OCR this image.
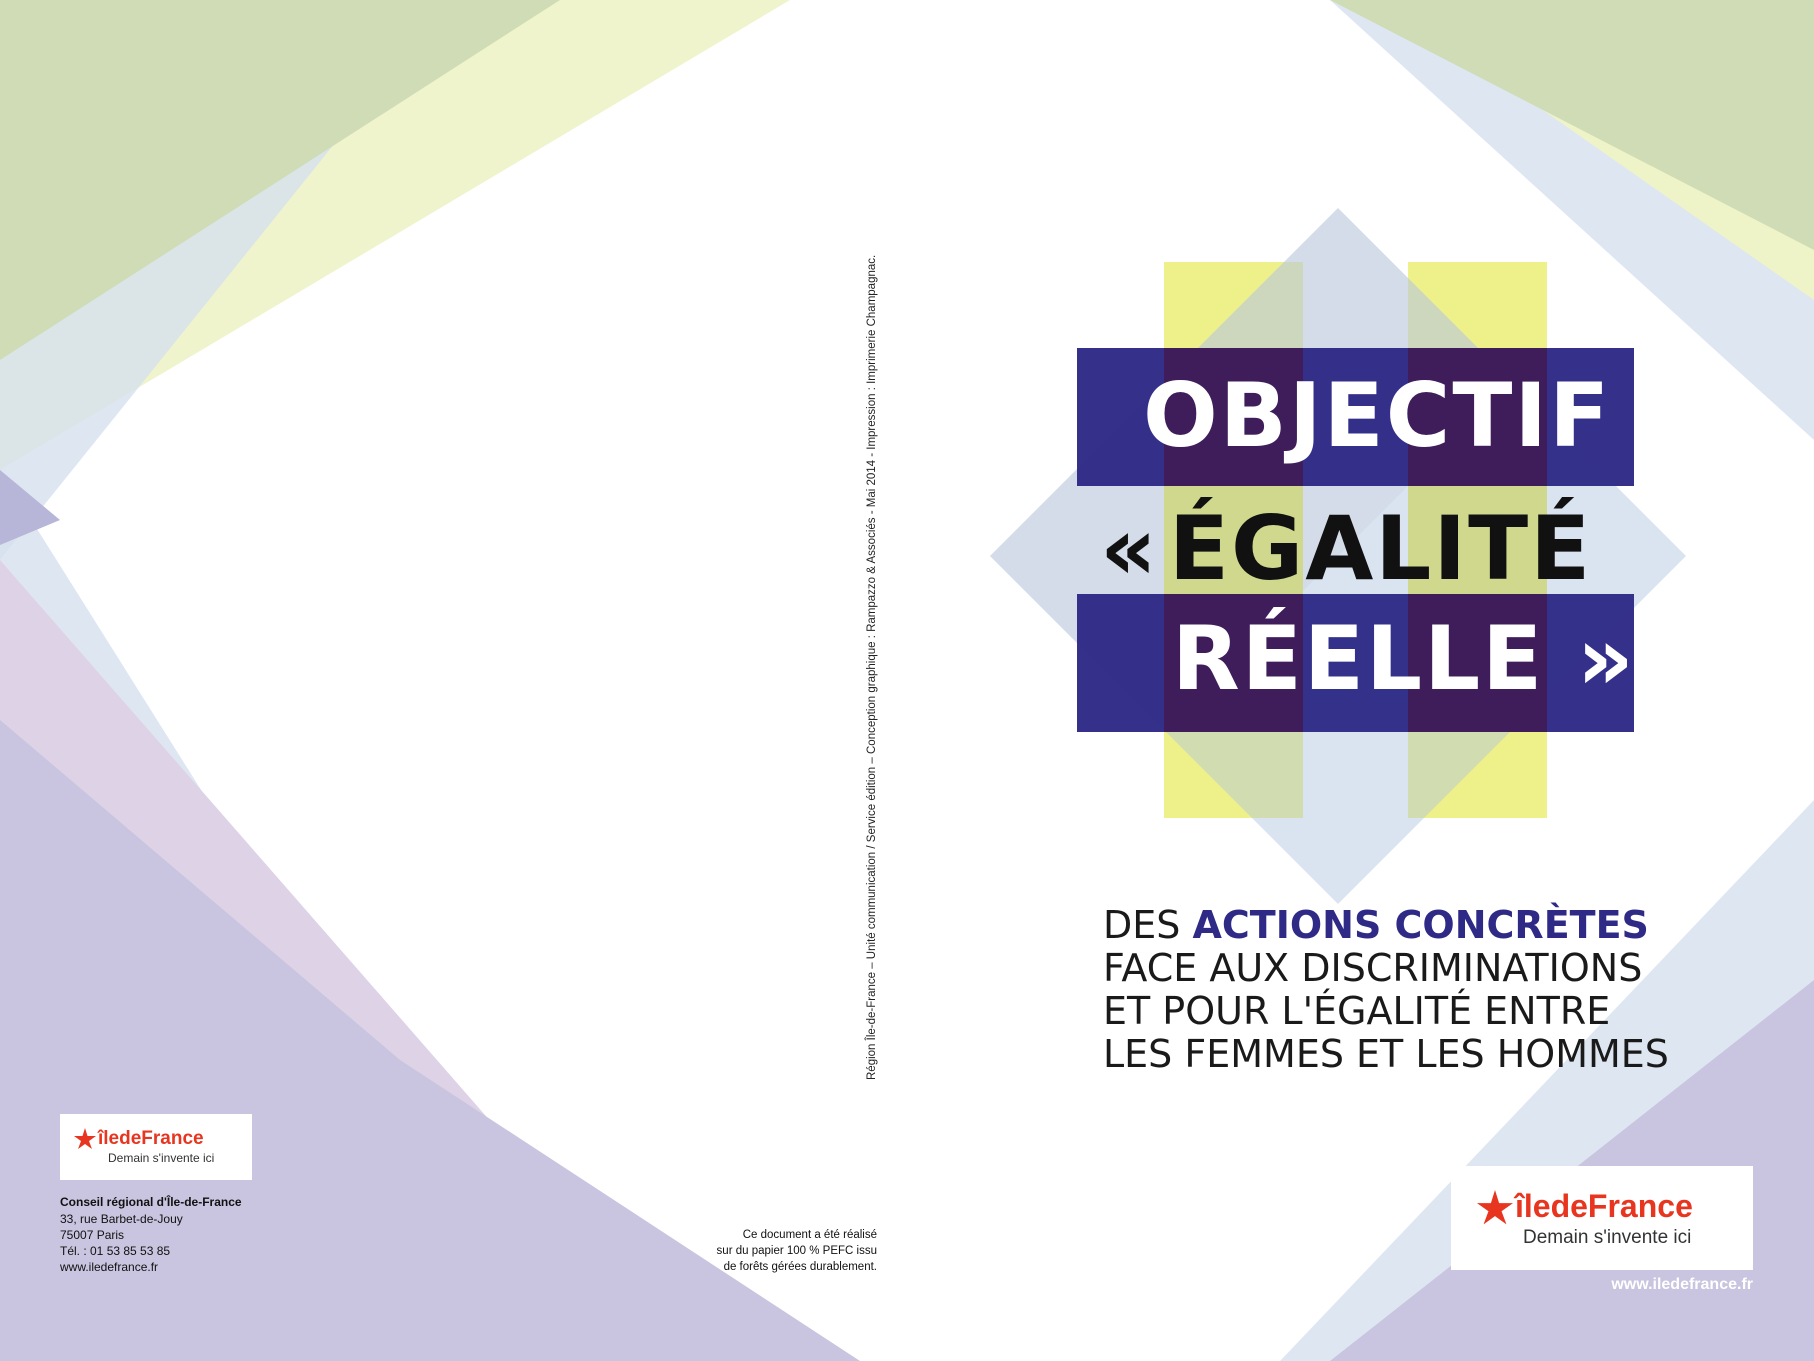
OBJECTIF
« ÉGALITÉ
RÉELLE »
DES ACTIONS CONCRÈTES
FACE AUX DISCRIMINATIONS
ET POUR L'ÉGALITÉ ENTRE
LES FEMMES ET LES HOMMES
Région Île-de-France – Unité communication / Service édition – Conception graphique : Rampazzo & Associés - Mai 2014 - Impression : Imprimerie Champagnac.
îledeFrance
Demain s'invente ici
Conseil régional d'Île-de-France
33, rue Barbet-de-Jouy
75007 Paris
Tél. : 01 53 85 53 85
www.iledefrance.fr
Ce document a été réalisé
sur du papier 100 % PEFC issu
de forêts gérées durablement.
îledeFrance
Demain s'invente ici
www.iledefrance.fr
